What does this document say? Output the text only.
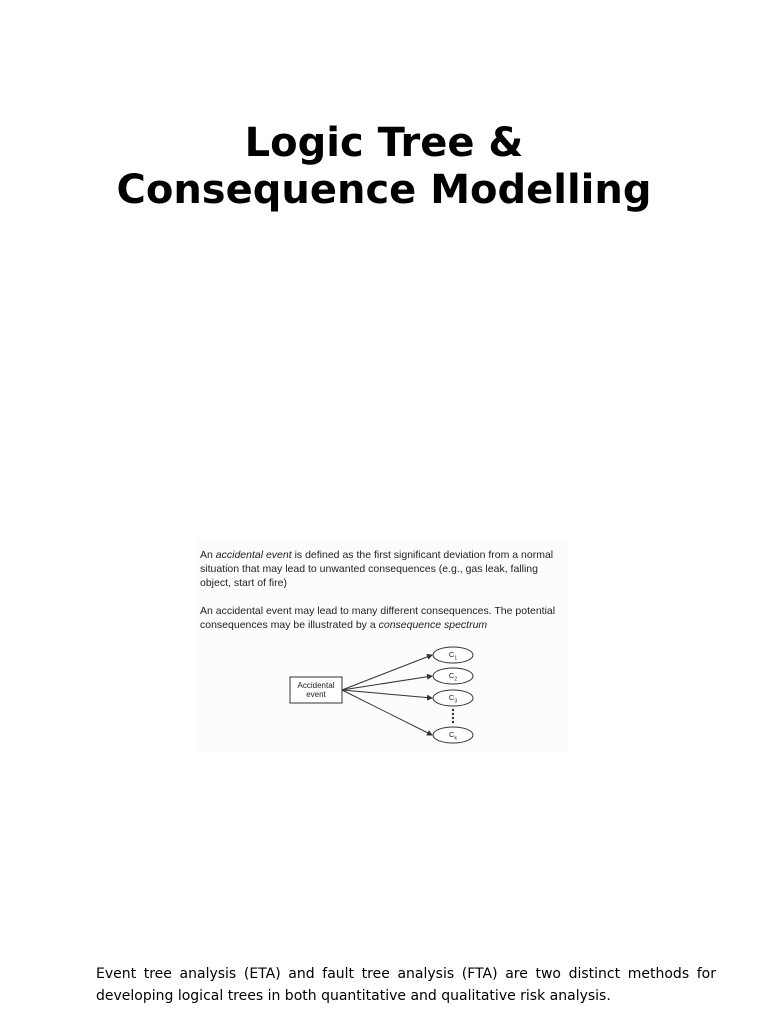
Logic Tree &
Consequence Modelling

An accidental event is defined as the first significant deviation from a normal situation that may lead to unwanted consequences (e.g., gas leak, falling object, start of fire)

An accidental event may lead to many different consequences. The potential consequences may be illustrated by a consequence spectrum

Accidental
event
$C_1$
$C_2$
$C_3$
$C_k$

Event tree analysis (ETA) and fault tree analysis (FTA) are two distinct methods for developing logical trees in both quantitative and qualitative risk analysis.
